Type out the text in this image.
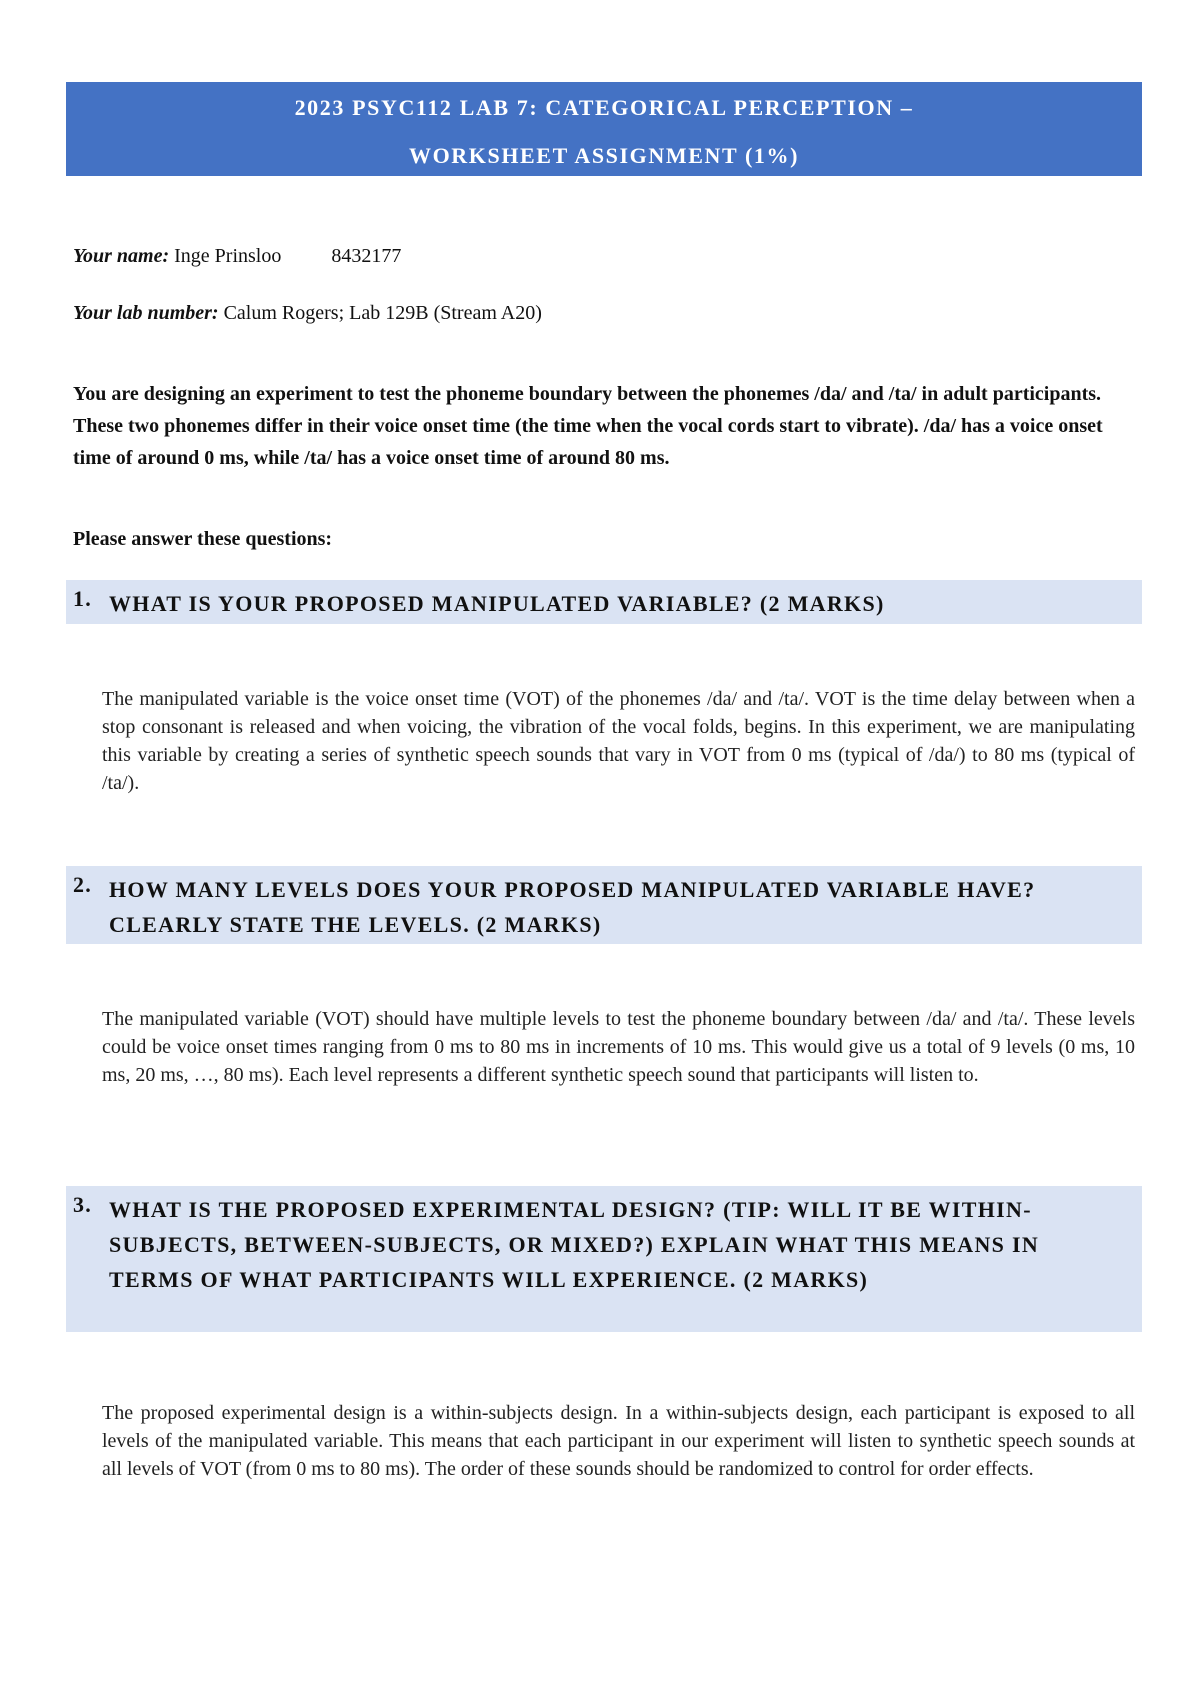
2023 PSYC112 LAB 7: CATEGORICAL PERCEPTION –
WORKSHEET ASSIGNMENT (1%)
Your name: Inge Prinsloo	8432177
Your lab number: Calum Rogers; Lab 129B (Stream A20)
You are designing an experiment to test the phoneme boundary between the phonemes /da/ and /ta/ in adult participants. These two phonemes differ in their voice onset time (the time when the vocal cords start to vibrate). /da/ has a voice onset time of around 0 ms, while /ta/ has a voice onset time of around 80 ms.
Please answer these questions:
1. WHAT IS YOUR PROPOSED MANIPULATED VARIABLE? (2 MARKS)
The manipulated variable is the voice onset time (VOT) of the phonemes /da/ and /ta/. VOT is the time delay between when a stop consonant is released and when voicing, the vibration of the vocal folds, begins. In this experiment, we are manipulating this variable by creating a series of synthetic speech sounds that vary in VOT from 0 ms (typical of /da/) to 80 ms (typical of /ta/).
2. HOW MANY LEVELS DOES YOUR PROPOSED MANIPULATED VARIABLE HAVE? CLEARLY STATE THE LEVELS. (2 MARKS)
The manipulated variable (VOT) should have multiple levels to test the phoneme boundary between /da/ and /ta/. These levels could be voice onset times ranging from 0 ms to 80 ms in increments of 10 ms. This would give us a total of 9 levels (0 ms, 10 ms, 20 ms, …, 80 ms). Each level represents a different synthetic speech sound that participants will listen to.
3. WHAT IS THE PROPOSED EXPERIMENTAL DESIGN? (TIP: WILL IT BE WITHIN-SUBJECTS, BETWEEN-SUBJECTS, OR MIXED?) EXPLAIN WHAT THIS MEANS IN TERMS OF WHAT PARTICIPANTS WILL EXPERIENCE. (2 MARKS)
The proposed experimental design is a within-subjects design. In a within-subjects design, each participant is exposed to all levels of the manipulated variable. This means that each participant in our experiment will listen to synthetic speech sounds at all levels of VOT (from 0 ms to 80 ms). The order of these sounds should be randomized to control for order effects.
